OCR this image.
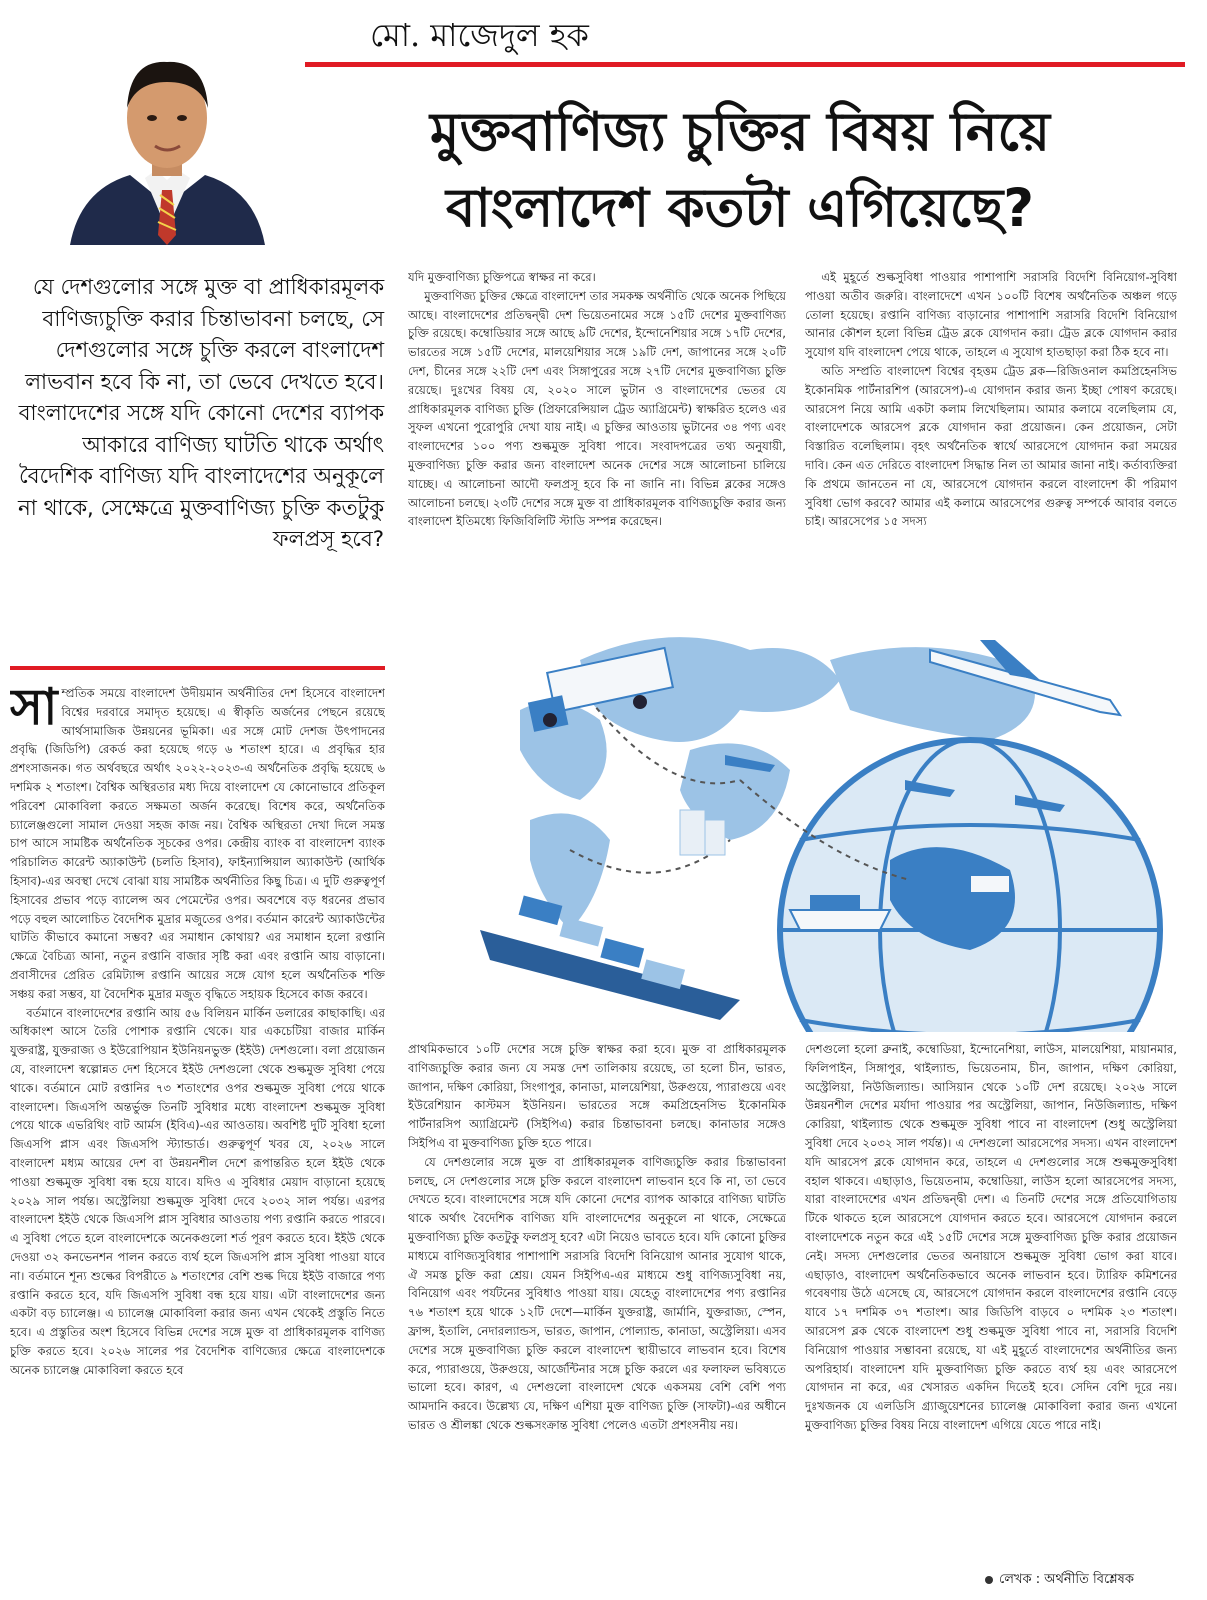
মো. মাজেদুল হক
মুক্তবাণিজ্য চুক্তির বিষয় নিয়ে
বাংলাদেশ কতটা এগিয়েছে?
যে দেশগুলোর সঙ্গে মুক্ত বা প্রাধিকারমূলক বাণিজ্যচুক্তি করার চিন্তাভাবনা চলছে, সে দেশগুলোর সঙ্গে চুক্তি করলে বাংলাদেশ লাভবান হবে কি না, তা ভেবে দেখতে হবে। বাংলাদেশের সঙ্গে যদি কোনো দেশের ব্যাপক আকারে বাণিজ্য ঘাটতি থাকে অর্থাৎ বৈদেশিক বাণিজ্য যদি বাংলাদেশের অনুকূলে না থাকে, সেক্ষেত্রে মুক্তবাণিজ্য চুক্তি কতটুকু ফলপ্রসূ হবে?

সাম্প্রতিক সময়ে বাংলাদেশ উদীয়মান অর্থনীতির দেশ হিসেবে বাংলাদেশ বিশ্বের দরবারে সমাদৃত হয়েছে। এ স্বীকৃতি অর্জনের পেছনে রয়েছে আর্থসামাজিক উন্নয়নের ভূমিকা। এর সঙ্গে মোট দেশজ উৎপাদনের প্রবৃদ্ধি (জিডিপি) রেকর্ড করা হয়েছে গড়ে ৬ শতাংশ হারে। এ প্রবৃদ্ধির হার প্রশংসাজনক। গত অর্থবছরে অর্থাৎ ২০২২-২০২৩-এ অর্থনৈতিক প্রবৃদ্ধি হয়েছে ৬ দশমিক ২ শতাংশ। বৈশ্বিক অস্থিরতার মধ্য দিয়ে বাংলাদেশ যে কোনোভাবে প্রতিকূল পরিবেশ মোকাবিলা করতে সক্ষমতা অর্জন করেছে। বিশেষ করে, অর্থনৈতিক চ্যালেঞ্জগুলো সামাল দেওয়া সহজ কাজ নয়। বৈশ্বিক অস্থিরতা দেখা দিলে সমস্ত চাপ আসে সামষ্টিক অর্থনৈতিক সূচকের ওপর। কেন্দ্রীয় ব্যাংক বা বাংলাদেশ ব্যাংক পরিচালিত কারেন্ট অ্যাকাউন্ট (চলতি হিসাব), ফাইন্যান্সিয়াল অ্যাকাউন্ট (আর্থিক হিসাব)-এর অবস্থা দেখে বোঝা যায় সামষ্টিক অর্থনীতির কিছু চিত্র। এ দুটি গুরুত্বপূর্ণ হিসাবের প্রভাব পড়ে ব্যালেন্স অব পেমেন্টের ওপর। অবশেষে বড় ধরনের প্রভাব পড়ে বহুল আলোচিত বৈদেশিক মুদ্রার মজুতের ওপর। বর্তমান কারেন্ট অ্যাকাউন্টের ঘাটতি কীভাবে কমানো সম্ভব? এর সমাধান কোথায়? এর সমাধান হলো রপ্তানি ক্ষেত্রে বৈচিত্র্য আনা, নতুন রপ্তানি বাজার সৃষ্টি করা এবং রপ্তানি আয় বাড়ানো। প্রবাসীদের প্রেরিত রেমিট্যান্স রপ্তানি আয়ের সঙ্গে যোগ হলে অর্থনৈতিক শক্তি সঞ্চয় করা সম্ভব, যা বৈদেশিক মুদ্রার মজুত বৃদ্ধিতে সহায়ক হিসেবে কাজ করবে।

বর্তমানে বাংলাদেশের রপ্তানি আয় ৫৬ বিলিয়ন মার্কিন ডলারের কাছাকাছি। এর অধিকাংশ আসে তৈরি পোশাক রপ্তানি থেকে। যার একচেটিয়া বাজার মার্কিন যুক্তরাষ্ট্র, যুক্তরাজ্য ও ইউরোপিয়ান ইউনিয়নভুক্ত (ইইউ) দেশগুলো। বলা প্রয়োজন যে, বাংলাদেশ স্বল্পোন্নত দেশ হিসেবে ইইউ দেশগুলো থেকে শুল্কমুক্ত সুবিধা পেয়ে থাকে। বর্তমানে মোট রপ্তানির ৭৩ শতাংশের ওপর শুল্কমুক্ত সুবিধা পেয়ে থাকে বাংলাদেশ। জিএসপি অন্তর্ভুক্ত তিনটি সুবিধার মধ্যে বাংলাদেশ শুল্কমুক্ত সুবিধা পেয়ে থাকে এভরিথিং বাট আর্মস (ইবিএ)-এর আওতায়। অবশিষ্ট দুটি সুবিধা হলো জিএসপি প্লাস এবং জিএসপি স্ট্যান্ডার্ড। গুরুত্বপূর্ণ খবর যে, ২০২৬ সালে বাংলাদেশ মধ্যম আয়ের দেশ বা উন্নয়নশীল দেশে রূপান্তরিত হলে ইইউ থেকে পাওয়া শুল্কমুক্ত সুবিধা বন্ধ হয়ে যাবে। যদিও এ সুবিধার মেয়াদ বাড়ানো হয়েছে ২০২৯ সাল পর্যন্ত। অস্ট্রেলিয়া শুল্কমুক্ত সুবিধা দেবে ২০৩২ সাল পর্যন্ত। এরপর বাংলাদেশ ইইউ থেকে জিএসপি প্লাস সুবিধার আওতায় পণ্য রপ্তানি করতে পারবে। এ সুবিধা পেতে হলে বাংলাদেশকে অনেকগুলো শর্ত পূরণ করতে হবে। ইইউ থেকে দেওয়া ৩২ কনভেনশন পালন করতে ব্যর্থ হলে জিএসপি প্লাস সুবিধা পাওয়া যাবে না। বর্তমানে শূন্য শুল্কের বিপরীতে ৯ শতাংশের বেশি শুল্ক দিয়ে ইইউ বাজারে পণ্য রপ্তানি করতে হবে, যদি জিএসপি সুবিধা বন্ধ হয়ে যায়। এটা বাংলাদেশের জন্য একটা বড় চ্যালেঞ্জ। এ চ্যালেঞ্জ মোকাবিলা করার জন্য এখন থেকেই প্রস্তুতি নিতে হবে। এ প্রস্তুতির অংশ হিসেবে বিভিন্ন দেশের সঙ্গে মুক্ত বা প্রাধিকারমূলক বাণিজ্য চুক্তি করতে হবে। ২০২৬ সালের পর বৈদেশিক বাণিজ্যের ক্ষেত্রে বাংলাদেশকে অনেক চ্যালেঞ্জ মোকাবিলা করতে হবে

যদি মুক্তবাণিজ্য চুক্তিপত্রে স্বাক্ষর না করে।

মুক্তবাণিজ্য চুক্তির ক্ষেত্রে বাংলাদেশ তার সমকক্ষ অর্থনীতি থেকে অনেক পিছিয়ে আছে। বাংলাদেশের প্রতিদ্বন্দ্বী দেশ ভিয়েতনামের সঙ্গে ১৫টি দেশের মুক্তবাণিজ্য চুক্তি রয়েছে। কম্বোডিয়ার সঙ্গে আছে ৯টি দেশের, ইন্দোনেশিয়ার সঙ্গে ১৭টি দেশের, ভারতের সঙ্গে ১৫টি দেশের, মালয়েশিয়ার সঙ্গে ১৯টি দেশ, জাপানের সঙ্গে ২০টি দেশ, চীনের সঙ্গে ২২টি দেশ এবং সিঙ্গাপুরের সঙ্গে ২৭টি দেশের মুক্তবাণিজ্য চুক্তি রয়েছে। দুঃখের বিষয় যে, ২০২০ সালে ভুটান ও বাংলাদেশের ভেতর যে প্রাধিকারমূলক বাণিজ্য চুক্তি (প্রিফারেন্সিয়াল ট্রেড অ্যাগ্রিমেন্ট) স্বাক্ষরিত হলেও এর সুফল এখনো পুরোপুরি দেখা যায় নাই। এ চুক্তির আওতায় ভুটানের ৩৪ পণ্য এবং বাংলাদেশের ১০০ পণ্য শুল্কমুক্ত সুবিধা পাবে। সংবাদপত্রের তথ্য অনুযায়ী, মুক্তবাণিজ্য চুক্তি করার জন্য বাংলাদেশ অনেক দেশের সঙ্গে আলোচনা চালিয়ে যাচ্ছে। এ আলোচনা আদৌ ফলপ্রসূ হবে কি না জানি না। বিভিন্ন ব্লকের সঙ্গেও আলোচনা চলছে। ২৩টি দেশের সঙ্গে মুক্ত বা প্রাধিকারমূলক বাণিজ্যচুক্তি করার জন্য বাংলাদেশ ইতিমধ্যে ফিজিবিলিটি স্টাডি সম্পন্ন করেছেন।

এই মুহূর্তে শুল্কসুবিধা পাওয়ার পাশাপাশি সরাসরি বিদেশি বিনিয়োগ-সুবিধা পাওয়া অতীব জরুরি। বাংলাদেশে এখন ১০০টি বিশেষ অর্থনৈতিক অঞ্চল গড়ে তোলা হয়েছে। রপ্তানি বাণিজ্য বাড়ানোর পাশাপাশি সরাসরি বিদেশি বিনিয়োগ আনার কৌশল হলো বিভিন্ন ট্রেড ব্লকে যোগদান করা। ট্রেড ব্লকে যোগদান করার সুযোগ যদি বাংলাদেশ পেয়ে থাকে, তাহলে এ সুযোগ হাতছাড়া করা ঠিক হবে না।

অতি সম্প্রতি বাংলাদেশ বিশ্বের বৃহত্তম ট্রেড ব্লক—রিজিওনাল কমপ্রিহেনসিভ ইকোনমিক পার্টনারশিপ (আরসেপ)-এ যোগদান করার জন্য ইচ্ছা পোষণ করেছে। আরসেপ নিয়ে আমি একটা কলাম লিখেছিলাম। আমার কলামে বলেছিলাম যে, বাংলাদেশকে আরসেপ ব্লকে যোগদান করা প্রয়োজন। কেন প্রয়োজন, সেটা বিস্তারিত বলেছিলাম। বৃহৎ অর্থনৈতিক স্বার্থে আরসেপে যোগদান করা সময়ের দাবি। কেন এত দেরিতে বাংলাদেশ সিদ্ধান্ত নিল তা আমার জানা নাই। কর্তাব্যক্তিরা কি প্রথমে জানতেন না যে, আরসেপে যোগদান করলে বাংলাদেশ কী পরিমাণ সুবিধা ভোগ করবে? আমার এই কলামে আরসেপের গুরুত্ব সম্পর্কে আবার বলতে চাই। আরসেপের ১৫ সদস্য

প্রাথমিকভাবে ১০টি দেশের সঙ্গে চুক্তি স্বাক্ষর করা হবে। মুক্ত বা প্রাধিকারমূলক বাণিজ্যচুক্তি করার জন্য যে সমস্ত দেশ তালিকায় রয়েছে, তা হলো চীন, ভারত, জাপান, দক্ষিণ কোরিয়া, সিংগাপুর, কানাডা, মালয়েশিয়া, উরুগুয়ে, প্যারাগুয়ে এবং ইউরেশিয়ান কাস্টমস ইউনিয়ন। ভারতের সঙ্গে কমপ্রিহেনসিভ ইকোনমিক পার্টনারসিপ অ্যাগ্রিমেন্ট (সিইপিএ) করার চিন্তাভাবনা চলছে। কানাডার সঙ্গেও সিইপিএ বা মুক্তবাণিজ্য চুক্তি হতে পারে।

যে দেশগুলোর সঙ্গে মুক্ত বা প্রাধিকারমূলক বাণিজ্যচুক্তি করার চিন্তাভাবনা চলছে, সে দেশগুলোর সঙ্গে চুক্তি করলে বাংলাদেশ লাভবান হবে কি না, তা ভেবে দেখতে হবে। বাংলাদেশের সঙ্গে যদি কোনো দেশের ব্যাপক আকারে বাণিজ্য ঘাটতি থাকে অর্থাৎ বৈদেশিক বাণিজ্য যদি বাংলাদেশের অনুকূলে না থাকে, সেক্ষেত্রে মুক্তবাণিজ্য চুক্তি কতটুকু ফলপ্রসূ হবে? এটা নিয়েও ভাবতে হবে। যদি কোনো চুক্তির মাধ্যমে বাণিজ্যসুবিধার পাশাপাশি সরাসরি বিদেশি বিনিয়োগ আনার সুযোগ থাকে, ঐ সমস্ত চুক্তি করা শ্রেয়। যেমন সিইপিএ-এর মাধ্যমে শুধু বাণিজ্যসুবিধা নয়, বিনিয়োগ এবং পর্যটনের সুবিধাও পাওয়া যায়। যেহেতু বাংলাদেশের পণ্য রপ্তানির ৭৬ শতাংশ হয়ে থাকে ১২টি দেশে—মার্কিন যুক্তরাষ্ট্র, জার্মানি, যুক্তরাজ্য, স্পেন, ফ্রান্স, ইতালি, নেদারল্যান্ডস, ভারত, জাপান, পোল্যান্ড, কানাডা, অস্ট্রেলিয়া। এসব দেশের সঙ্গে মুক্তবাণিজ্য চুক্তি করলে বাংলাদেশ স্থায়ীভাবে লাভবান হবে। বিশেষ করে, প্যারাগুয়ে, উরুগুয়ে, আর্জেন্টিনার সঙ্গে চুক্তি করলে এর ফলাফল ভবিষ্যতে ভালো হবে। কারণ, এ দেশগুলো বাংলাদেশ থেকে একসময় বেশি বেশি পণ্য আমদানি করবে। উল্লেখ্য যে, দক্ষিণ এশিয়া মুক্ত বাণিজ্য চুক্তি (সাফটা)-এর অধীনে ভারত ও শ্রীলঙ্কা থেকে শুল্কসংক্রান্ত সুবিধা পেলেও এতটা প্রশংসনীয় নয়।

দেশগুলো হলো ব্রুনাই, কম্বোডিয়া, ইন্দোনেশিয়া, লাউস, মালয়েশিয়া, মায়ানমার, ফিলিপাইন, সিঙ্গাপুর, থাইল্যান্ড, ভিয়েতনাম, চীন, জাপান, দক্ষিণ কোরিয়া, অস্ট্রেলিয়া, নিউজিল্যান্ড। আসিয়ান থেকে ১০টি দেশ রয়েছে। ২০২৬ সালে উন্নয়নশীল দেশের মর্যাদা পাওয়ার পর অস্ট্রেলিয়া, জাপান, নিউজিল্যান্ড, দক্ষিণ কোরিয়া, থাইল্যান্ড থেকে শুল্কমুক্ত সুবিধা পাবে না বাংলাদেশ (শুধু অস্ট্রেলিয়া সুবিধা দেবে ২০৩২ সাল পর্যন্ত)। এ দেশগুলো আরসেপের সদস্য। এখন বাংলাদেশ যদি আরসেপ ব্লকে যোগদান করে, তাহলে এ দেশগুলোর সঙ্গে শুল্কমুক্তসুবিধা বহাল থাকবে। এছাড়াও, ভিয়েতনাম, কম্বোডিয়া, লাউস হলো আরসেপের সদস্য, যারা বাংলাদেশের এখন প্রতিদ্বন্দ্বী দেশ। এ তিনটি দেশের সঙ্গে প্রতিযোগিতায় টিকে থাকতে হলে আরসেপে যোগদান করতে হবে। আরসেপে যোগদান করলে বাংলাদেশকে নতুন করে এই ১৫টি দেশের সঙ্গে মুক্তবাণিজ্য চুক্তি করার প্রয়োজন নেই। সদস্য দেশগুলোর ভেতর অনায়াসে শুল্কমুক্ত সুবিধা ভোগ করা যাবে। এছাড়াও, বাংলাদেশ অর্থনৈতিকভাবে অনেক লাভবান হবে। ট্যারিফ কমিশনের গবেষণায় উঠে এসেছে যে, আরসেপে যোগদান করলে বাংলাদেশের রপ্তানি বেড়ে যাবে ১৭ দশমিক ৩৭ শতাংশ। আর জিডিপি বাড়বে ০ দশমিক ২৩ শতাংশ। আরসেপ ব্লক থেকে বাংলাদেশ শুধু শুল্কমুক্ত সুবিধা পাবে না, সরাসরি বিদেশি বিনিয়োগ পাওয়ার সম্ভাবনা রয়েছে, যা এই মুহূর্তে বাংলাদেশের অর্থনীতির জন্য অপরিহার্য। বাংলাদেশ যদি মুক্তবাণিজ্য চুক্তি করতে ব্যর্থ হয় এবং আরসেপে যোগদান না করে, এর খেসারত একদিন দিতেই হবে। সেদিন বেশি দূরে নয়। দুঃখজনক যে এলডিসি গ্র্যাজুয়েশনের চ্যালেঞ্জ মোকাবিলা করার জন্য এখনো মুক্তবাণিজ্য চুক্তির বিষয় নিয়ে বাংলাদেশ এগিয়ে যেতে পারে নাই।

লেখক : অর্থনীতি বিশ্লেষক
